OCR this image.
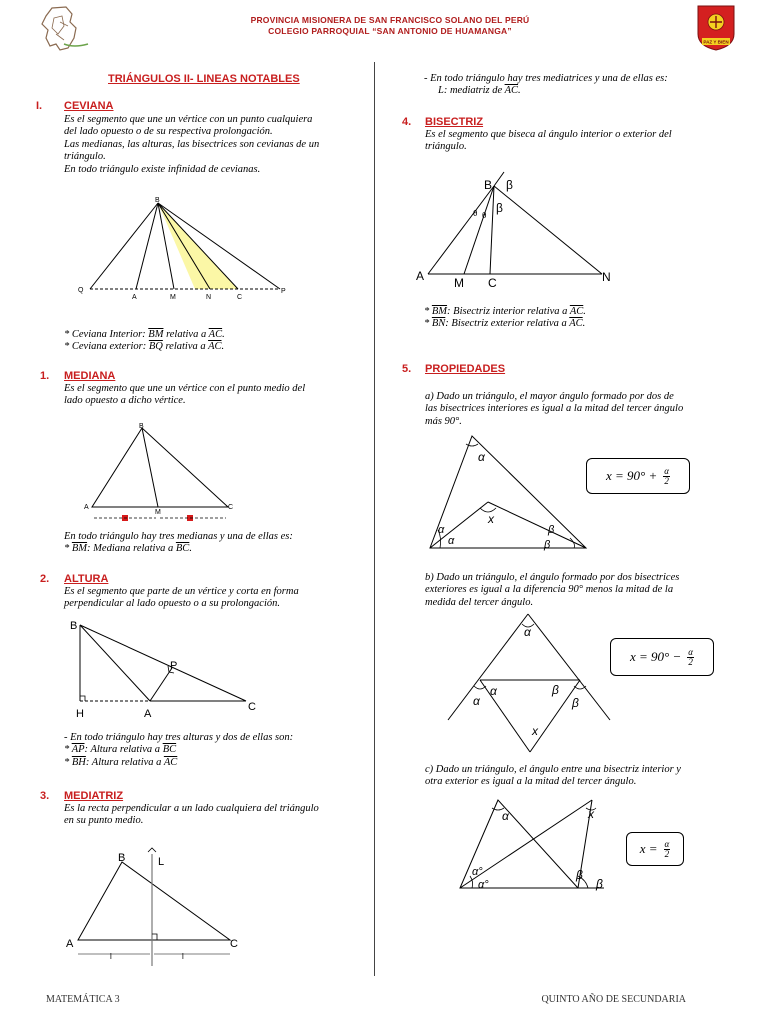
PAZ Y BIEN
PROVINCIA MISIONERA DE SAN FRANCISCO SOLANO DEL PERÚ
COLEGIO PARROQUIAL “SAN ANTONIO DE HUAMANGA”
TRIÁNGULOS II- LINEAS NOTABLES
I. CEVIANA
Es el segmento que une un vértice con un punto cualquiera
del lado opuesto o de su respectiva prolongación.
Las medianas, las alturas, las bisectrices son cevianas de un
triángulo.
En todo triángulo existe infinidad de cevianas.
B
Q
A	M	N	C
P
* Ceviana Interior: $\overline{BM}$ relativa a $\overline{AC}$.
* Ceviana exterior: $\overline{BQ}$ relativa a $\overline{AC}$.
1. MEDIANA
Es el segmento que une un vértice con el punto medio del
lado opuesto a dicho vértice.
B
A
M
C
En todo triángulo hay tres medianas y una de ellas es:
* $\overline{BM}$: Mediana relativa a $\overline{BC}$.
2. ALTURA
Es el segmento que parte de un vértice y corta en forma
perpendicular al lado opuesto o a su prolongación.
B
P
H	A
C
- En todo triángulo hay tres alturas y dos de ellas son:
* $\overline{AP}$: Altura relativa a $\overline{BC}$
* $\overline{BH}$: Altura relativa a $\overline{AC}$
3. MEDIATRIZ
Es la recta perpendicular a un lado cualquiera del triángulo
en su punto medio.
B	L
A	C
l	l
- En todo triángulo hay tres mediatrices y una de ellas es:
L: mediatriz de $\overline{AC}$.
4. BISECTRIZ
Es el segmento que biseca al ángulo interior o exterior del
triángulo.
B β
β
θ θ
A M C	N
* $\overline{BM}$: Bisectriz interior relativa a $\overline{AC}$.
* $\overline{BN}$: Bisectriz exterior relativa a $\overline{AC}$.
5. PROPIEDADES
a) Dado un triángulo, el mayor ángulo formado por dos de
las bisectrices interiores es igual a la mitad del tercer ángulo
más 90°.
α
x
α
α
β
β
$x = 90^\circ + \frac{\alpha}{2}$
b) Dado un triángulo, el ángulo formado por dos bisectrices
exteriores es igual a la diferencia 90° menos la mitad de la
medida del tercer ángulo.
α
α
α
β
β
x
$x = 90^\circ - \frac{\alpha}{2}$
c) Dado un triángulo, el ángulo entre una bisectriz interior y
otra exterior es igual a la mitad del tercer ángulo.
α	x
α°
α°
β
β
$x = \frac{\alpha}{2}$
MATEMÁTICA 3	QUINTO AÑO DE SECUNDARIA
